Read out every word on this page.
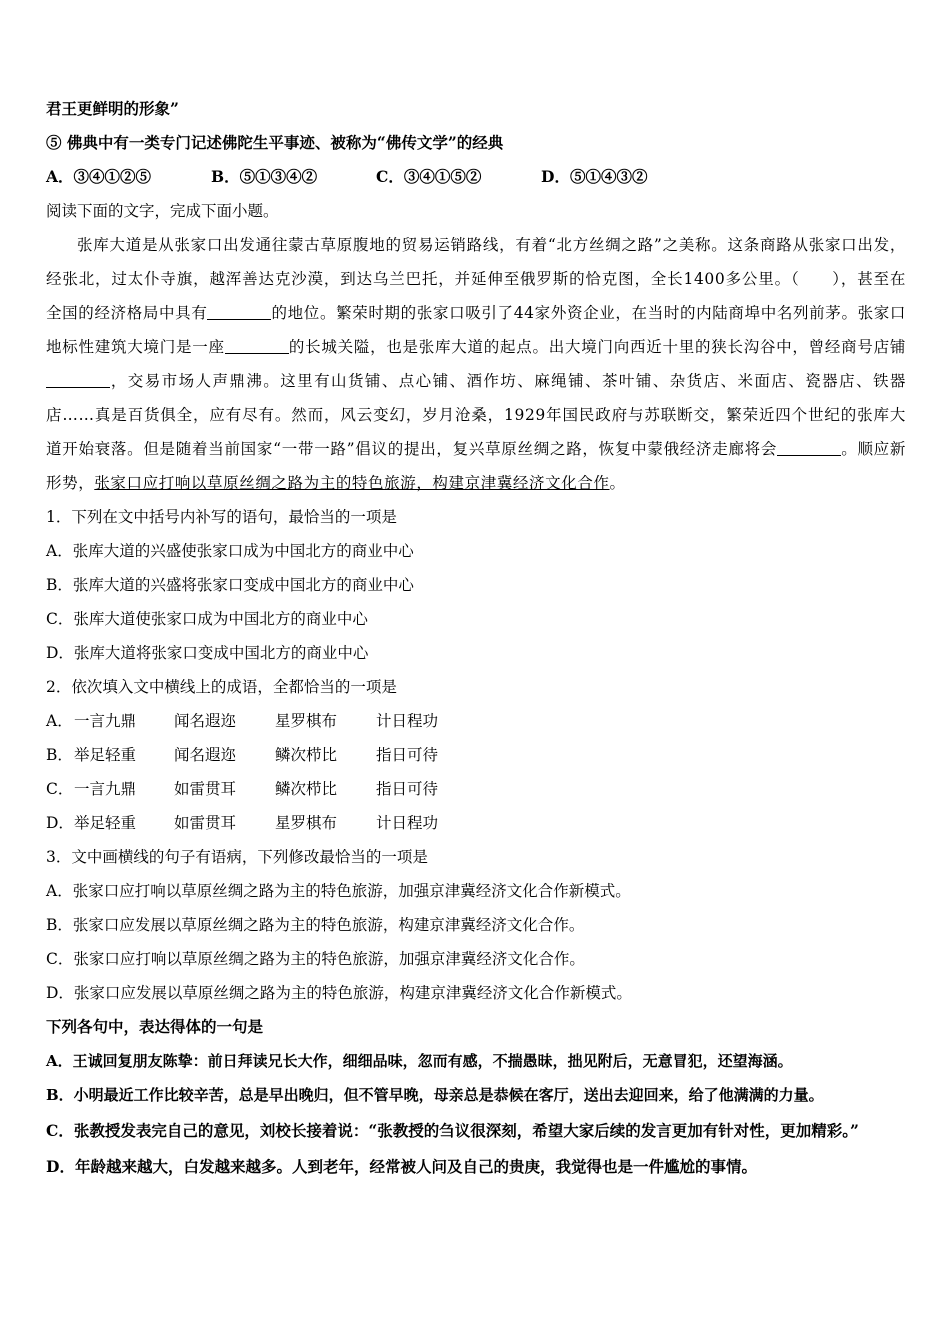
君王更鲜明的形象”
⑤ 佛典中有一类专门记述佛陀生平事迹、被称为“佛传文学”的经典
A．③④①②⑤	B．⑤①③④②	C．③④①⑤②	D．⑤①④③②
阅读下面的文字，完成下面小题。

张库大道是从张家口出发通往蒙古草原腹地的贸易运销路线，有着“北方丝绸之路”之美称。这条商路从张家口出发，经张北，过太仆寺旗，越浑善达克沙漠，到达乌兰巴托，并延伸至俄罗斯的恰克图，全长1400多公里。（　　），甚至在全国的经济格局中具有	的地位。繁荣时期的张家口吸引了44家外资企业，在当时的内陆商埠中名列前茅。张家口地标性建筑大境门是一座	的长城关隘，也是张库大道的起点。出大境门向西近十里的狭长沟谷中，曾经商号店铺，交易市场人声鼎沸。这里有山货铺、点心铺、酒作坊、麻绳铺、茶叶铺、杂货店、米面店、瓷器店、铁器店……真是百货俱全，应有尽有。然而，风云变幻，岁月沧桑，1929年国民政府与苏联断交，繁荣近四个世纪的张库大道开始衰落。但是随着当前国家“一带一路”倡议的提出，复兴草原丝绸之路，恢复中蒙俄经济走廊将会	。顺应新形势，张家口应打响以草原丝绸之路为主的特色旅游，构建京津冀经济文化合作。

1．下列在文中括号内补写的语句，最恰当的一项是
A．张库大道的兴盛使张家口成为中国北方的商业中心
B．张库大道的兴盛将张家口变成中国北方的商业中心
C．张库大道使张家口成为中国北方的商业中心
D．张库大道将张家口变成中国北方的商业中心
2．依次填入文中横线上的成语，全都恰当的一项是
A．一言九鼎 闻名遐迩	星罗棋布	计日程功
B．举足轻重 闻名遐迩	鳞次栉比	指日可待
C．一言九鼎 如雷贯耳	鳞次栉比	指日可待
D．举足轻重 如雷贯耳	星罗棋布	计日程功
3．文中画横线的句子有语病，下列修改最恰当的一项是
A．张家口应打响以草原丝绸之路为主的特色旅游，加强京津冀经济文化合作新模式。
B．张家口应发展以草原丝绸之路为主的特色旅游，构建京津冀经济文化合作。
C．张家口应打响以草原丝绸之路为主的特色旅游，加强京津冀经济文化合作。
D．张家口应发展以草原丝绸之路为主的特色旅游，构建京津冀经济文化合作新模式。
下列各句中，表达得体的一句是
A．王诚回复朋友陈挚：前日拜读兄长大作，细细品味，忽而有感，不揣愚昧，拙见附后，无意冒犯，还望海涵。
B．小明最近工作比较辛苦，总是早出晚归，但不管早晚，母亲总是恭候在客厅，送出去迎回来，给了他满满的力量。
C．张教授发表完自己的意见，刘校长接着说：“张教授的刍议很深刻，希望大家后续的发言更加有针对性，更加精彩。”
D．年龄越来越大，白发越来越多。人到老年，经常被人问及自己的贵庚，我觉得也是一件尴尬的事情。
